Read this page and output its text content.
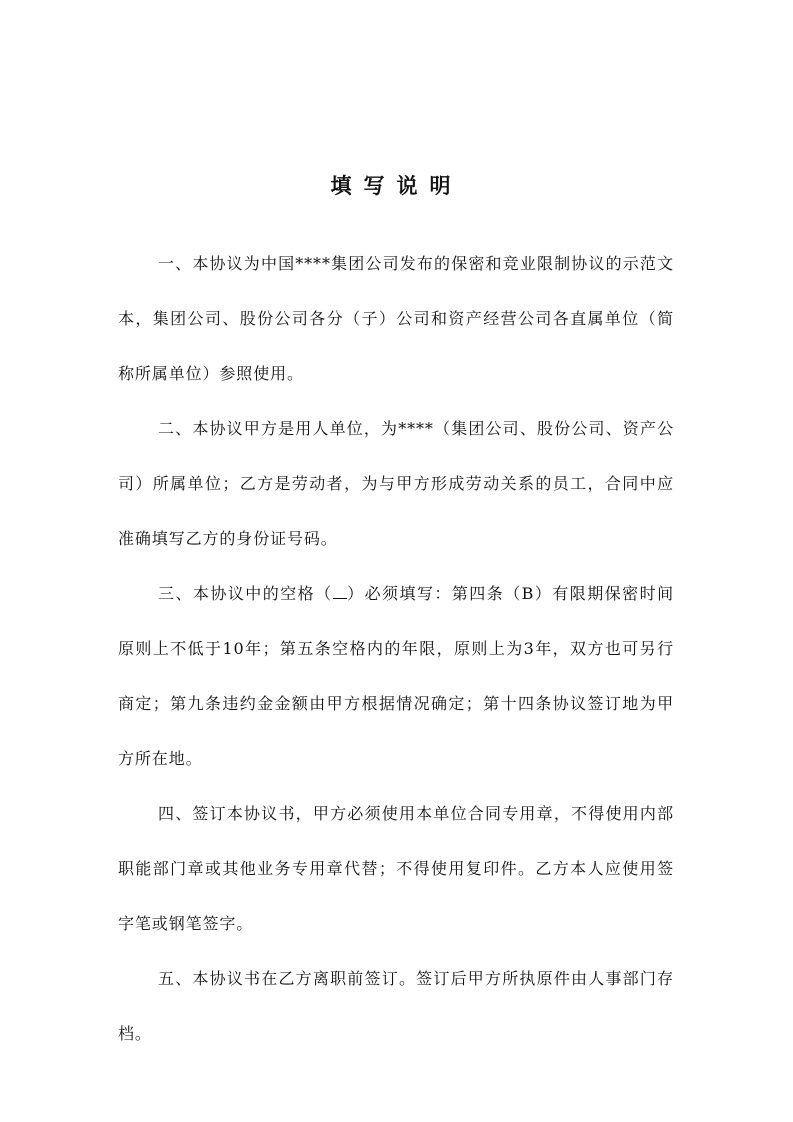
填写说明

一、本协议为中国****集团公司发布的保密和竞业限制协议的示范文本，集团公司、股份公司各分（子）公司和资产经营公司各直属单位（简称所属单位）参照使用。

二、本协议甲方是用人单位，为****（集团公司、股份公司、资产公司）所属单位；乙方是劳动者，为与甲方形成劳动关系的员工，合同中应准确填写乙方的身份证号码。

三、本协议中的空格（ ）必须填写：第四条（B）有限期保密时间原则上不低于10年；第五条空格内的年限，原则上为3年，双方也可另行商定；第九条违约金金额由甲方根据情况确定；第十四条协议签订地为甲方所在地。

四、签订本协议书，甲方必须使用本单位合同专用章，不得使用内部职能部门章或其他业务专用章代替；不得使用复印件。乙方本人应使用签字笔或钢笔签字。

五、本协议书在乙方离职前签订。签订后甲方所执原件由人事部门存档。
